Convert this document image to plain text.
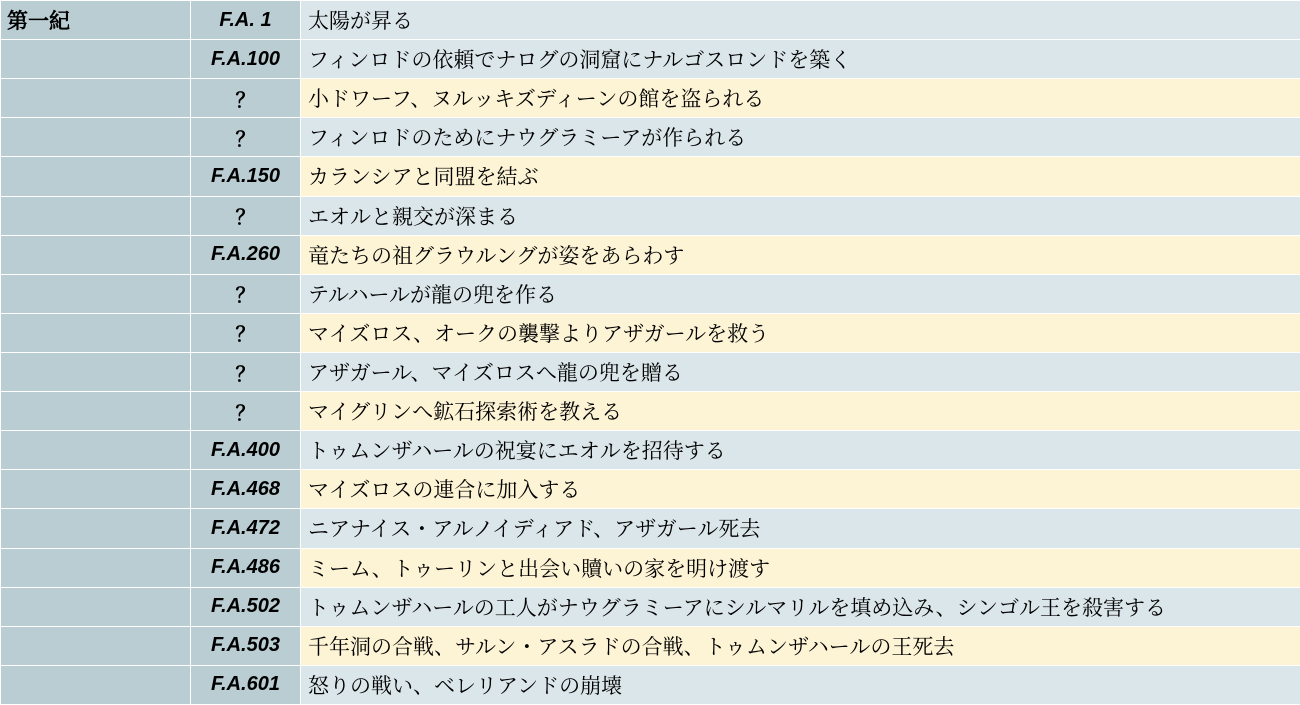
第一紀	F.A. 1	太陽が昇る
	F.A.100	フィンロドの依頼でナログの洞窟にナルゴスロンドを築く
	？	小ドワーフ、ヌルッキズディーンの館を盗られる
	？	フィンロドのためにナウグラミーアが作られる
	F.A.150	カランシアと同盟を結ぶ
	？	エオルと親交が深まる
	F.A.260	竜たちの祖グラウルングが姿をあらわす
	？	テルハールが龍の兜を作る
	？	マイズロス、オークの襲撃よりアザガールを救う
	？	アザガール、マイズロスへ龍の兜を贈る
	？	マイグリンへ鉱石探索術を教える
	F.A.400	トゥムンザハールの祝宴にエオルを招待する
	F.A.468	マイズロスの連合に加入する
	F.A.472	ニアナイス・アルノイディアド、アザガール死去
	F.A.486	ミーム、トゥーリンと出会い贖いの家を明け渡す
	F.A.502	トゥムンザハールの工人がナウグラミーアにシルマリルを填め込み、シンゴル王を殺害する
	F.A.503	千年洞の合戦、サルン・アスラドの合戦、トゥムンザハールの王死去
	F.A.601	怒りの戦い、ベレリアンドの崩壊
